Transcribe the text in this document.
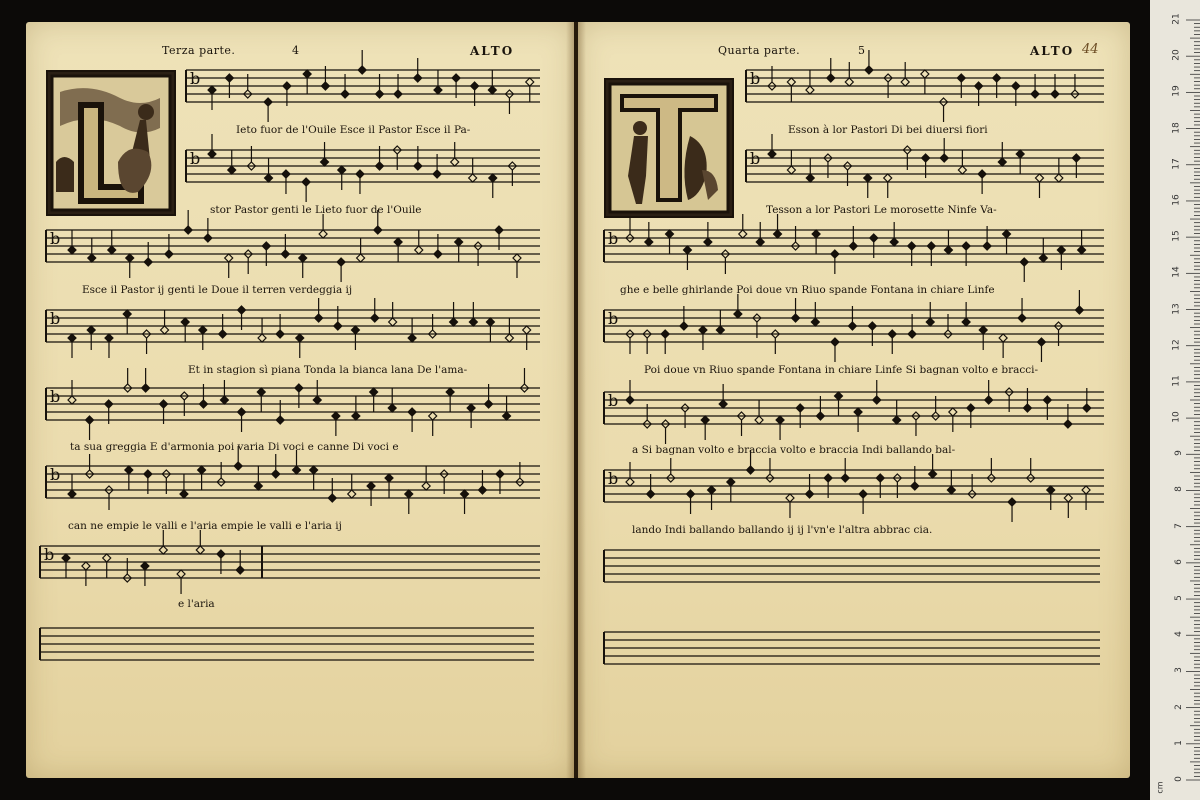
Terza parte.	4	ALTO	Quarta parte.	5	ALTO 44
b
b
b
b
b
b
b
b
b
b
b
b
b
Ieto fuor de l'Ouile Esce il Pastor Esce il Pa-
stor Pastor genti le Lieto fuor de l'Ouile
Esce il Pastor ij genti le Doue il terren verdeggia ij
Et in stagion sì piana Tonda la bianca lana De l'ama-
ta sua greggia E d'armonia poi varia Di voci e canne Di voci e
can ne empie le valli e l'aria empie le valli e l'aria ij
e l'aria
Esson à lor Pastori Di bei diuersi fiori
Tesson a lor Pastori Le morosette Ninfe Va-
ghe e belle ghirlande Poi doue vn Riuo spande Fontana in chiare Linfe
Poi doue vn Riuo spande Fontana in chiare Linfe Si bagnan volto e bracci-
a Si bagnan volto e braccia volto e braccia Indi ballando bal-
lando Indi ballando ballando ij ij l'vn'e l'altra abbrac cia.
21
20
19
18
17
16
15
14
13
12
11
10
9
8
7
6
5
4
3
2
1
0
cm
